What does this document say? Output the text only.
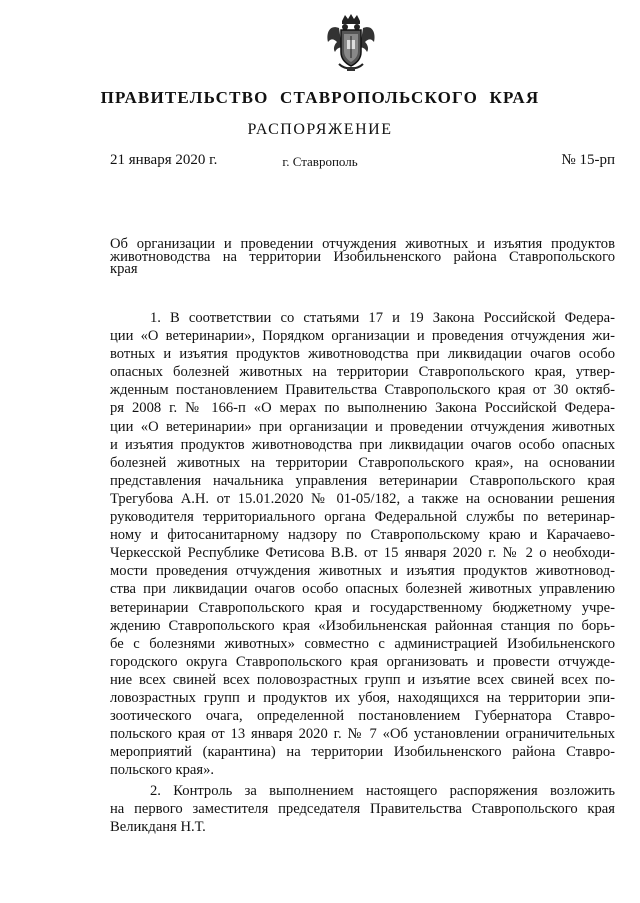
ПРАВИТЕЛЬСТВО СТАВРОПОЛЬСКОГО КРАЯ
РАСПОРЯЖЕНИЕ
21 января 2020 г.	г. Ставрополь	№ 15-рп
Об организации и проведении отчуждения животных и изъятия продуктов
животноводства на территории Изобильненского района Ставропольского
края
1. В соответствии со статьями 17 и 19 Закона Российской Федера-
ции «О ветеринарии», Порядком организации и проведения отчуждения жи-
вотных и изъятия продуктов животноводства при ликвидации очагов особо
опасных болезней животных на территории Ставропольского края, утвер-
жденным постановлением Правительства Ставропольского края от 30 октяб-
ря 2008 г. № 166-п «О мерах по выполнению Закона Российской Федера-
ции «О ветеринарии» при организации и проведении отчуждения животных
и изъятия продуктов животноводства при ликвидации очагов особо опасных
болезней животных на территории Ставропольского края», на основании
представления начальника управления ветеринарии Ставропольского края
Трегубова А.Н. от 15.01.2020 № 01-05/182, а также на основании решения
руководителя территориального органа Федеральной службы по ветеринар-
ному и фитосанитарному надзору по Ставропольскому краю и Карачаево-
Черкесской Республике Фетисова В.В. от 15 января 2020 г. № 2 о необходи-
мости проведения отчуждения животных и изъятия продуктов животновод-
ства при ликвидации очагов особо опасных болезней животных управлению
ветеринарии Ставропольского края и государственному бюджетному учре-
ждению Ставропольского края «Изобильненская районная станция по борь-
бе с болезнями животных» совместно с администрацией Изобильненского
городского округа Ставропольского края организовать и провести отчужде-
ние всех свиней всех половозрастных групп и изъятие всех свиней всех по-
ловозрастных групп и продуктов их убоя, находящихся на территории эпи-
зоотического очага, определенной постановлением Губернатора Ставро-
польского края от 13 января 2020 г. № 7 «Об установлении ограничительных
мероприятий (карантина) на территории Изобильненского района Ставро-
польского края».
2. Контроль за выполнением настоящего распоряжения возложить
на первого заместителя председателя Правительства Ставропольского края
Великданя Н.Т.
